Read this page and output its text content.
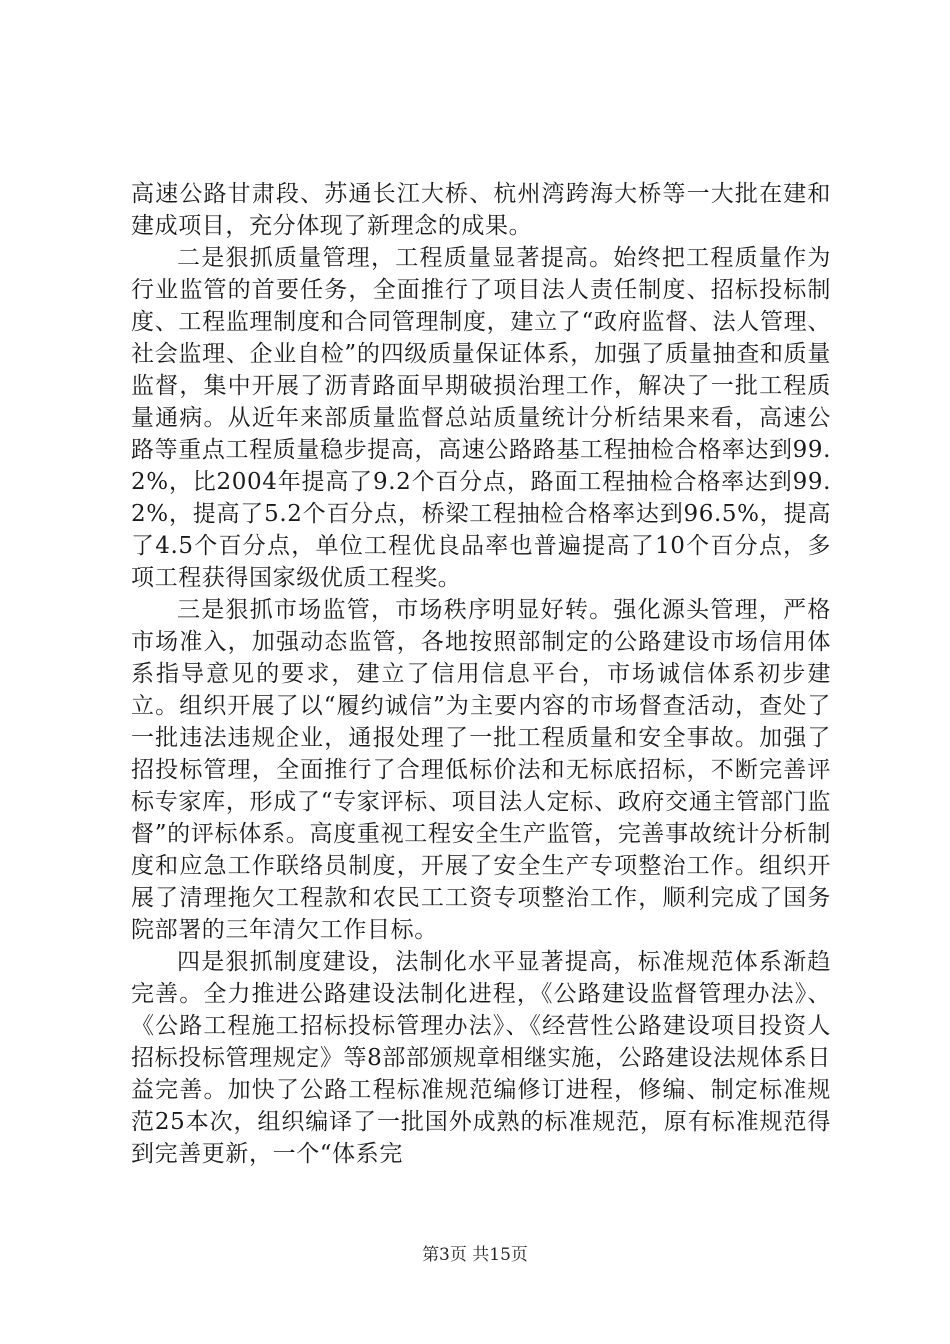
高速公路甘肃段、苏通长江大桥、杭州湾跨海大桥等一大批在建和建成项目，充分体现了新理念的成果。

二是狠抓质量管理，工程质量显著提高。始终把工程质量作为行业监管的首要任务，全面推行了项目法人责任制度、招标投标制度、工程监理制度和合同管理制度，建立了“政府监督、法人管理、社会监理、企业自检”的四级质量保证体系，加强了质量抽查和质量监督，集中开展了沥青路面早期破损治理工作，解决了一批工程质量通病。从近年来部质量监督总站质量统计分析结果来看，高速公路等重点工程质量稳步提高，高速公路路基工程抽检合格率达到99.2%，比2004年提高了9.2个百分点，路面工程抽检合格率达到99.2%，提高了5.2个百分点，桥梁工程抽检合格率达到96.5%，提高了4.5个百分点，单位工程优良品率也普遍提高了10个百分点，多项工程获得国家级优质工程奖。

三是狠抓市场监管，市场秩序明显好转。强化源头管理，严格市场准入，加强动态监管，各地按照部制定的公路建设市场信用体系指导意见的要求，建立了信用信息平台，市场诚信体系初步建立。组织开展了以“履约诚信”为主要内容的市场督查活动，查处了一批违法违规企业，通报处理了一批工程质量和安全事故。加强了招投标管理，全面推行了合理低标价法和无标底招标，不断完善评标专家库，形成了“专家评标、项目法人定标、政府交通主管部门监督”的评标体系。高度重视工程安全生产监管，完善事故统计分析制度和应急工作联络员制度，开展了安全生产专项整治工作。组织开展了清理拖欠工程款和农民工工资专项整治工作，顺利完成了国务院部署的三年清欠工作目标。

四是狠抓制度建设，法制化水平显著提高，标准规范体系渐趋完善。全力推进公路建设法制化进程，《公路建设监督管理办法》、《公路工程施工招标投标管理办法》、《经营性公路建设项目投资人招标投标管理规定》等8部部颁规章相继实施，公路建设法规体系日益完善。加快了公路工程标准规范编修订进程，修编、制定标准规范25本次，组织编译了一批国外成熟的标准规范，原有标准规范得到完善更新，一个“体系完

第3页 共15页
